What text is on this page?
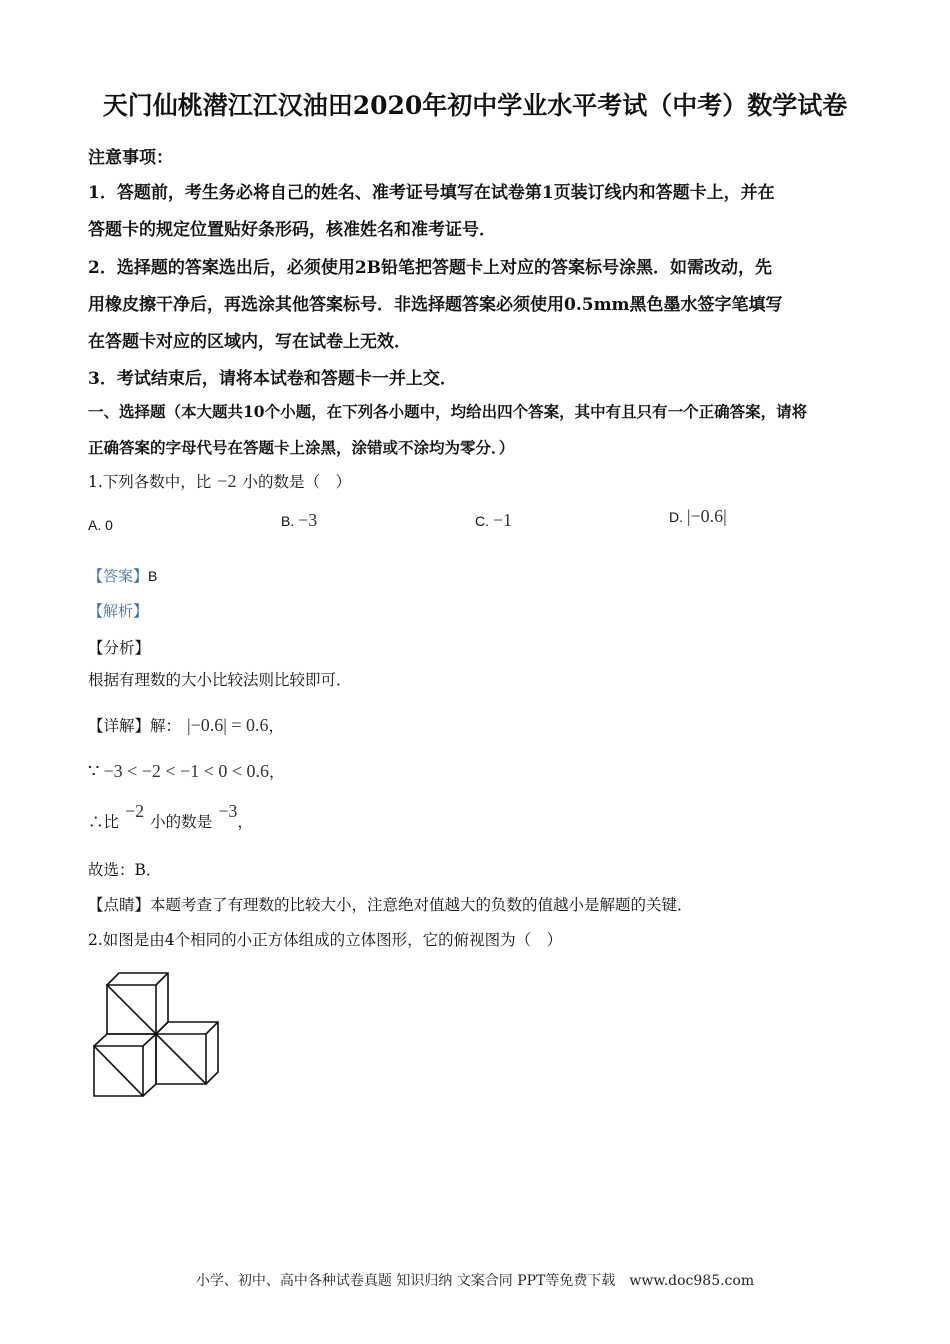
天门仙桃潜江江汉油田2020年初中学业水平考试（中考）数学试卷
注意事项：
1．答题前，考生务必将自己的姓名、准考证号填写在试卷第1页装订线内和答题卡上，并在
答题卡的规定位置贴好条形码，核准姓名和准考证号．
2．选择题的答案选出后，必须使用2B铅笔把答题卡上对应的答案标号涂黑．如需改动，先
用橡皮擦干净后，再选涂其他答案标号．非选择题答案必须使用0.5mm黑色墨水签字笔填写
在答题卡对应的区域内，写在试卷上无效．
3．考试结束后，请将本试卷和答题卡一并上交．
一、选择题（本大题共10个小题，在下列各小题中，均给出四个答案，其中有且只有一个正确答案，请将
正确答案的字母代号在答题卡上涂黑，涂错或不涂均为零分．）
1.下列各数中，比 −2 小的数是（　）
A. 0	B. −3	C. −1	D. |−0.6|
【答案】B
【解析】
【分析】
根据有理数的大小比较法则比较即可．
【详解】解： |−0.6| = 0.6，
∵ −3 < −2 < −1 < 0 < 0.6，
∴比−2小的数是−3，
故选：B．
【点睛】本题考查了有理数的比较大小，注意绝对值越大的负数的值越小是解题的关键．
2.如图是由4个相同的小正方体组成的立体图形，它的俯视图为（　）
小学、初中、高中各种试卷真题 知识归纳 文案合同 PPT等免费下载　www.doc985.com
